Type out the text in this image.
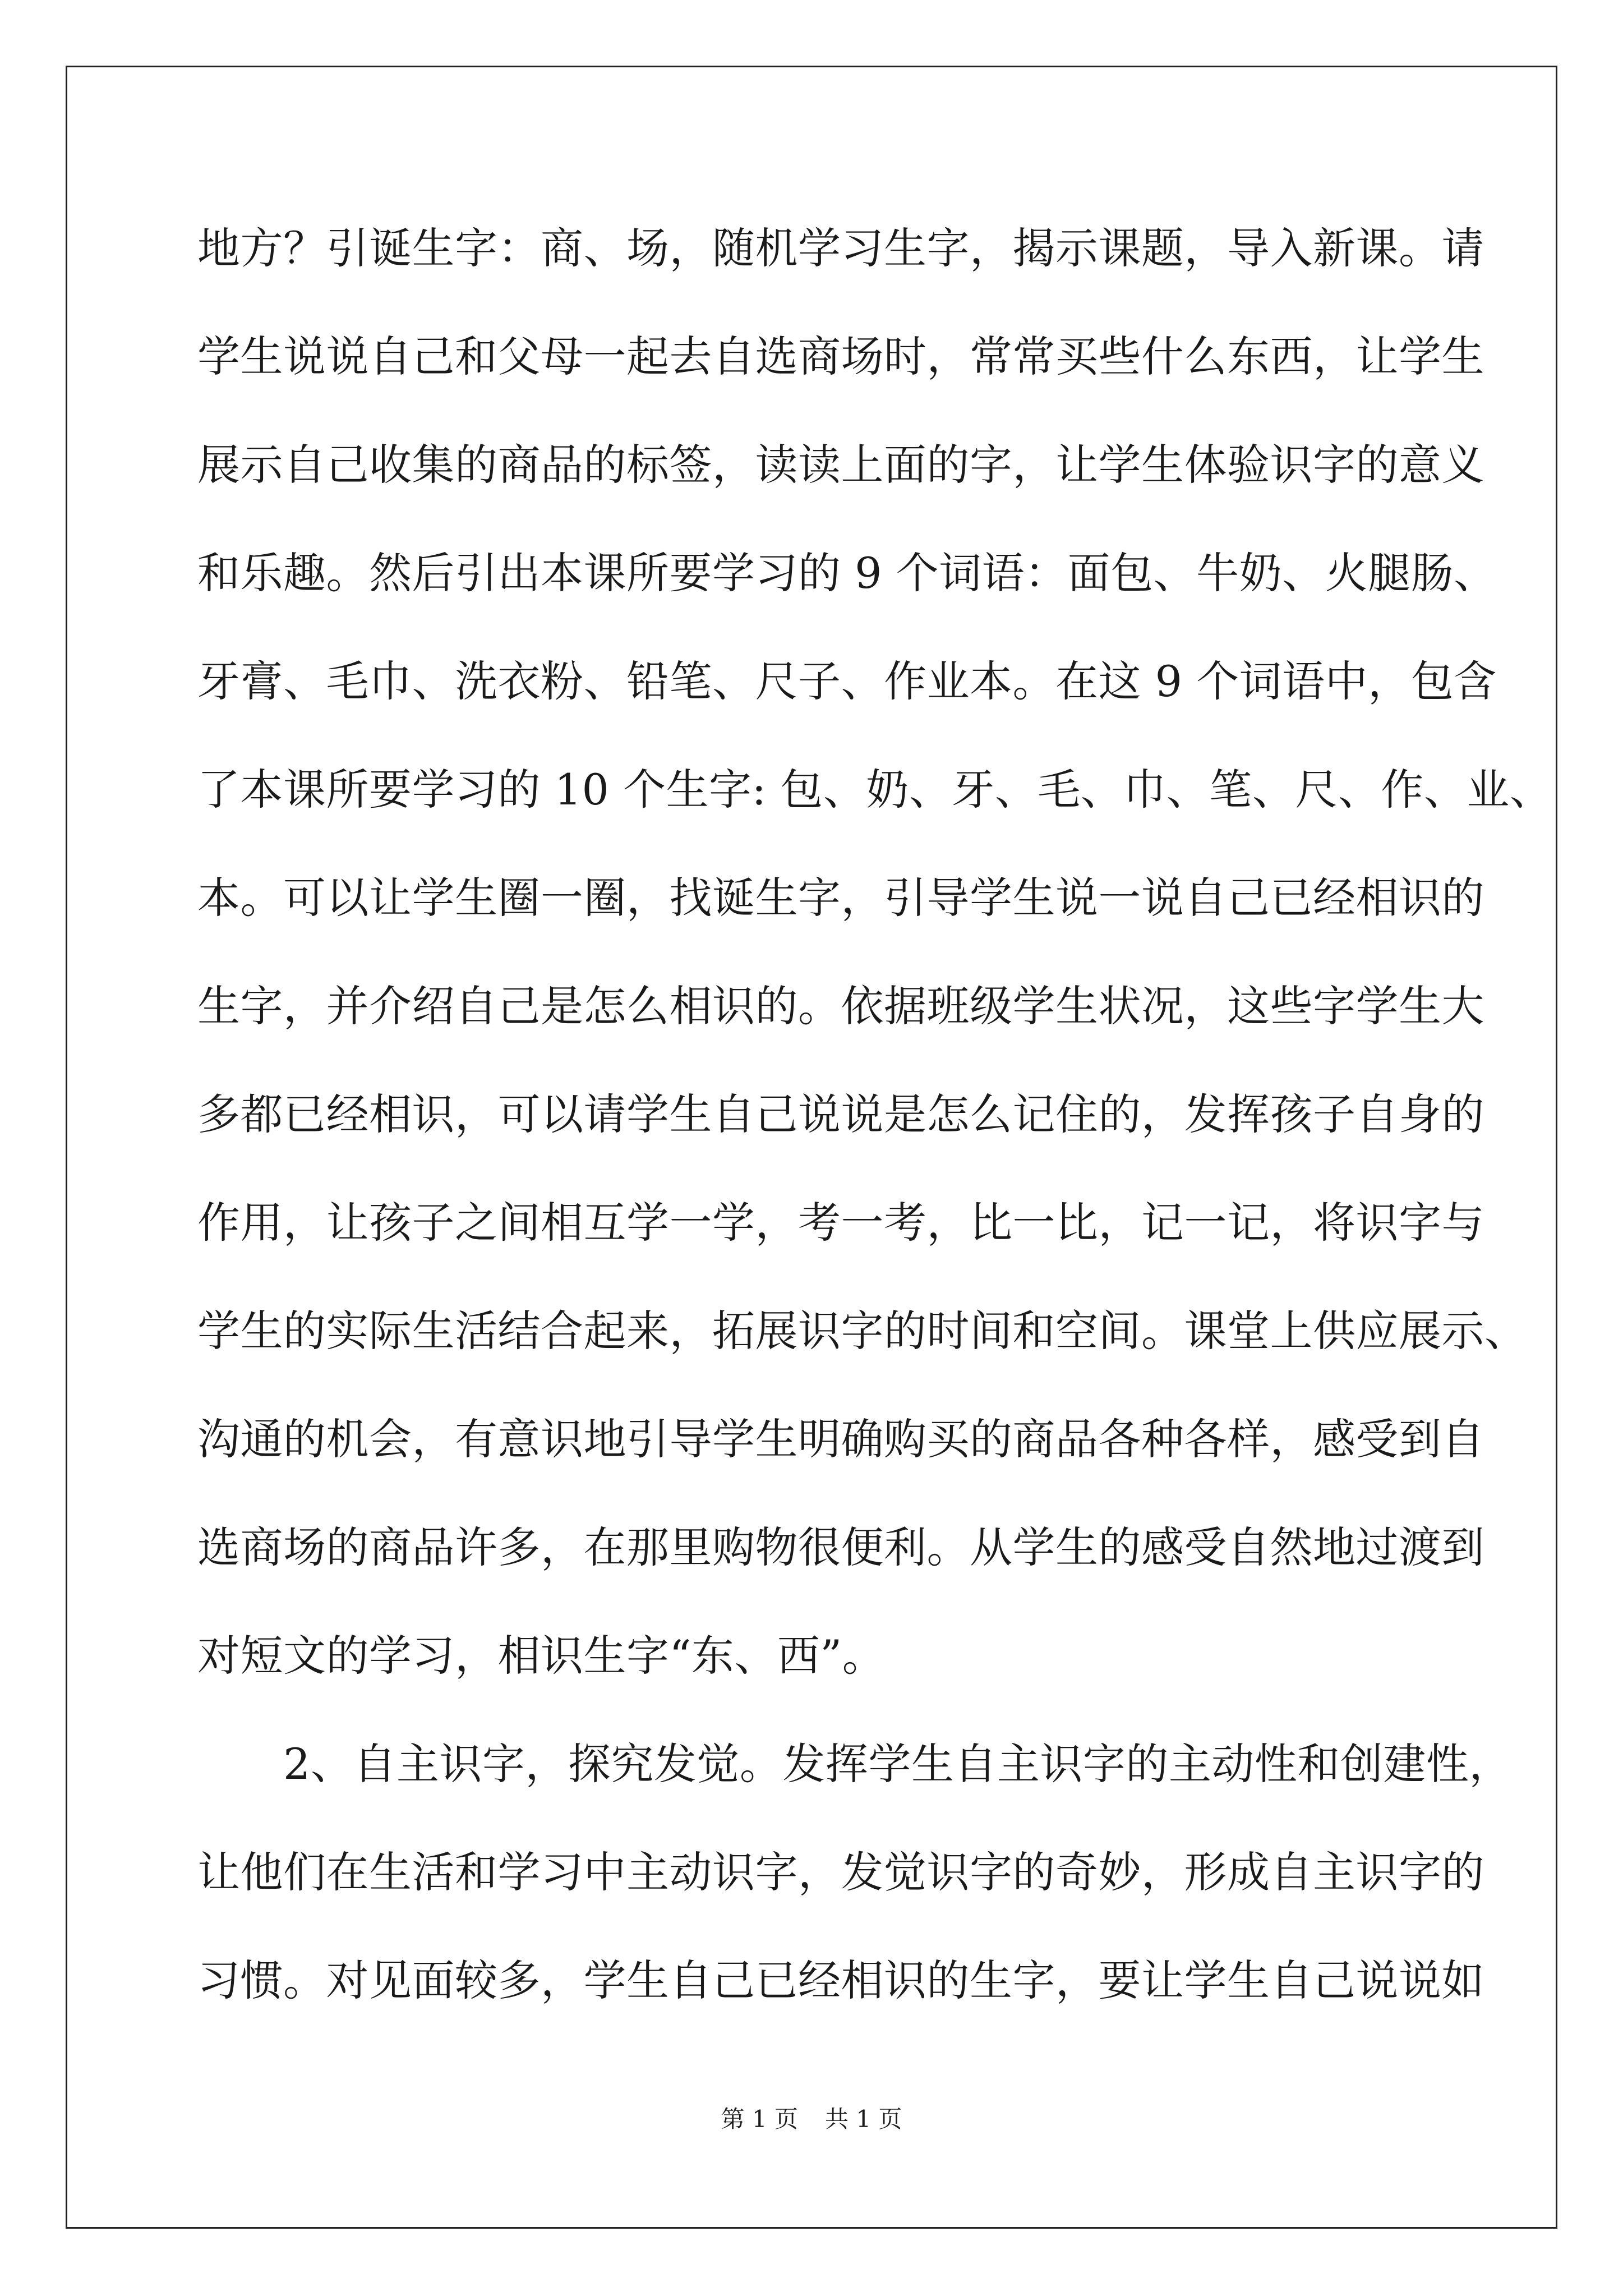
地方？引诞生字：商、场，随机学习生字，揭示课题，导入新课。请

学生说说自己和父母一起去自选商场时，常常买些什么东西，让学生

展示自己收集的商品的标签，读读上面的字，让学生体验识字的意义

和乐趣。然后引出本课所要学习的 9 个词语：面包、牛奶、火腿肠、

牙膏、毛巾、洗衣粉、铅笔、尺子、作业本。在这 9 个词语中，包含

了本课所要学习的 10 个生字: 包、奶、牙、毛、巾、笔、尺、作、业、

本。可以让学生圈一圈，找诞生字，引导学生说一说自己已经相识的

生字，并介绍自己是怎么相识的。依据班级学生状况，这些字学生大

多都已经相识，可以请学生自己说说是怎么记住的，发挥孩子自身的

作用，让孩子之间相互学一学，考一考，比一比，记一记，将识字与

学生的实际生活结合起来，拓展识字的时间和空间。课堂上供应展示、

沟通的机会，有意识地引导学生明确购买的商品各种各样，感受到自

选商场的商品许多，在那里购物很便利。从学生的感受自然地过渡到

对短文的学习，相识生字“东、西”。

　　2、自主识字，探究发觉。发挥学生自主识字的主动性和创建性，

让他们在生活和学习中主动识字，发觉识字的奇妙，形成自主识字的

习惯。对见面较多，学生自己已经相识的生字，要让学生自己说说如

第 1 页 共 1 页
